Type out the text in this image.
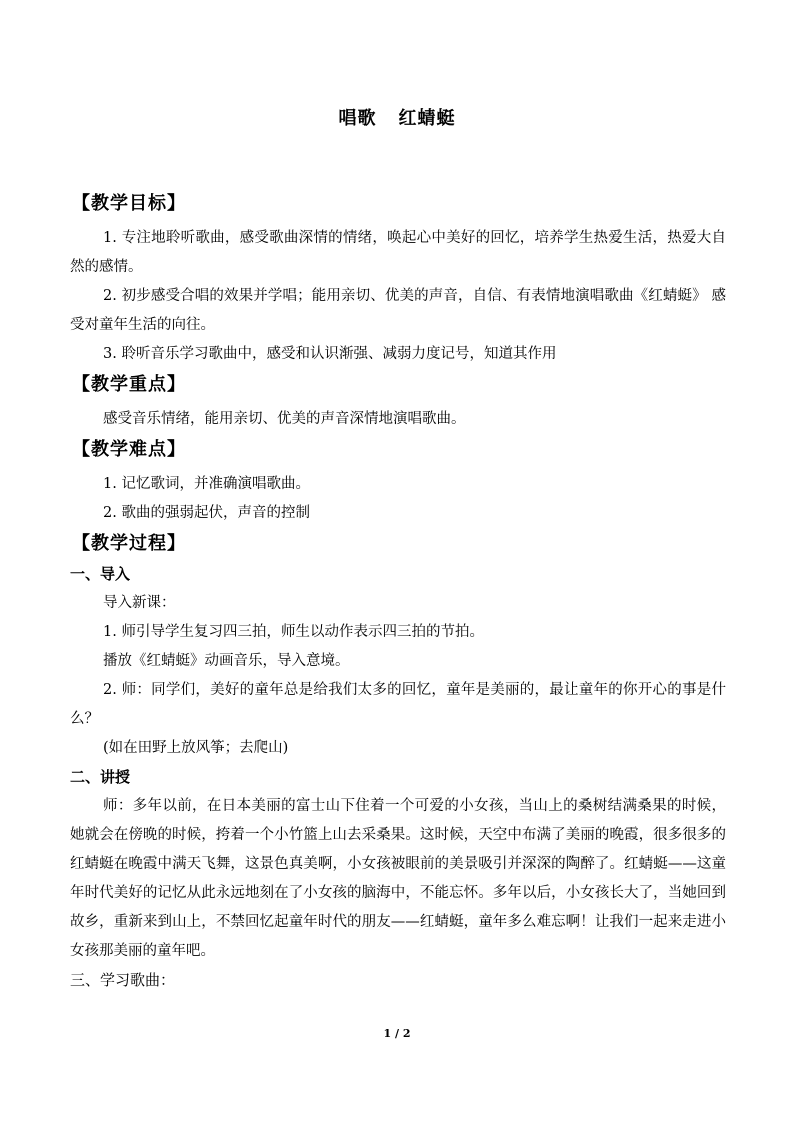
唱歌 红蜻蜓
【教学目标】
1. 专注地聆听歌曲，感受歌曲深情的情绪，唤起心中美好的回忆，培养学生热爱生活，热爱大自然的感情。
2. 初步感受合唱的效果并学唱；能用亲切、优美的声音，自信、有表情地演唱歌曲《红蜻蜓》 感受对童年生活的向往。
3. 聆听音乐学习歌曲中，感受和认识渐强、减弱力度记号，知道其作用
【教学重点】
感受音乐情绪，能用亲切、优美的声音深情地演唱歌曲。
【教学难点】
1. 记忆歌词，并准确演唱歌曲。
2. 歌曲的强弱起伏，声音的控制
【教学过程】
一、导入
导入新课：
1. 师引导学生复习四三拍，师生以动作表示四三拍的节拍。
播放《红蜻蜓》动画音乐，导入意境。
2. 师：同学们，美好的童年总是给我们太多的回忆，童年是美丽的，最让童年的你开心的事是什么？
(如在田野上放风筝；去爬山)
二、讲授
师：多年以前，在日本美丽的富士山下住着一个可爱的小女孩，当山上的桑树结满桑果的时候，她就会在傍晚的时候，挎着一个小竹篮上山去采桑果。这时候，天空中布满了美丽的晚霞，很多很多的红蜻蜓在晚霞中满天飞舞，这景色真美啊，小女孩被眼前的美景吸引并深深的陶醉了。红蜻蜓——这童年时代美好的记忆从此永远地刻在了小女孩的脑海中，不能忘怀。多年以后，小女孩长大了，当她回到故乡，重新来到山上，不禁回忆起童年时代的朋友——红蜻蜓，童年多么难忘啊！让我们一起来走进小女孩那美丽的童年吧。
三、学习歌曲：
1 / 2
